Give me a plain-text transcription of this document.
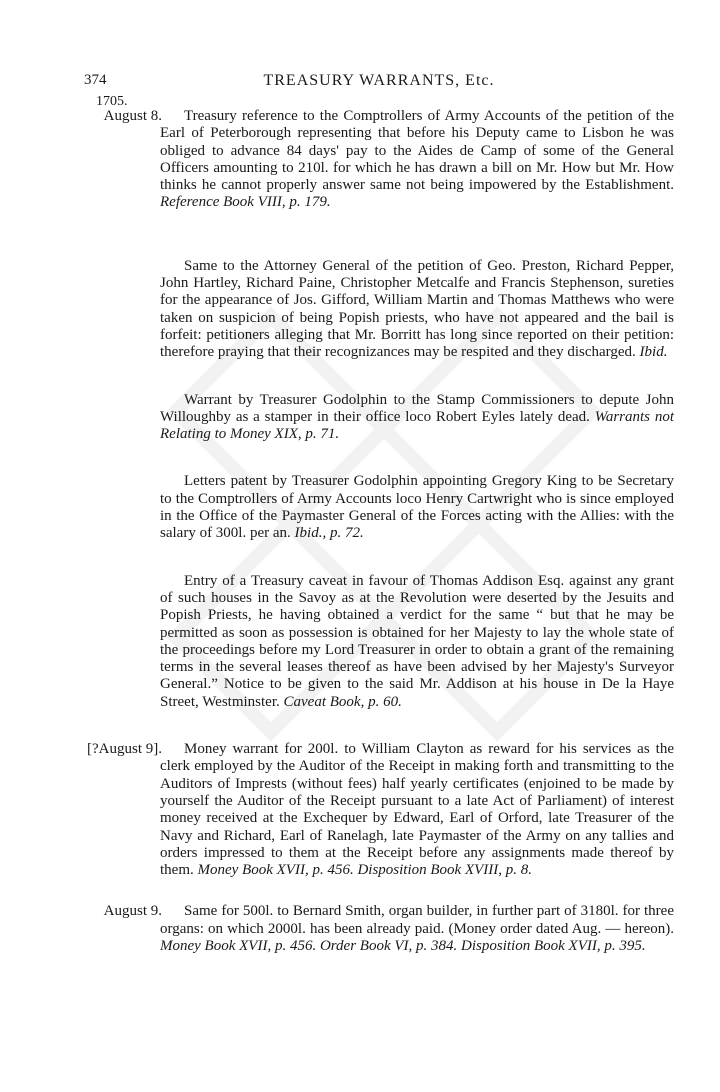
374	TREASURY WARRANTS, Etc.
1705.
August 8.	Treasury reference to the Comptrollers of Army Accounts of the petition of the Earl of Peterborough representing that before his Deputy came to Lisbon he was obliged to advance 84 days' pay to the Aides de Camp of some of the General Officers amounting to 210l. for which he has drawn a bill on Mr. How but Mr. How thinks he cannot properly answer same not being impowered by the Establishment. Reference Book VIII, p. 179.
Same to the Attorney General of the petition of Geo. Preston, Richard Pepper, John Hartley, Richard Paine, Christopher Metcalfe and Francis Stephenson, sureties for the appearance of Jos. Gifford, William Martin and Thomas Matthews who were taken on suspicion of being Popish priests, who have not appeared and the bail is forfeit: petitioners alleging that Mr. Borritt has long since reported on their petition: therefore praying that their recognizances may be respited and they discharged. Ibid.
Warrant by Treasurer Godolphin to the Stamp Commissioners to depute John Willoughby as a stamper in their office loco Robert Eyles lately dead. Warrants not Relating to Money XIX, p. 71.
Letters patent by Treasurer Godolphin appointing Gregory King to be Secretary to the Comptrollers of Army Accounts loco Henry Cartwright who is since employed in the Office of the Paymaster General of the Forces acting with the Allies: with the salary of 300l. per an. Ibid., p. 72.
Entry of a Treasury caveat in favour of Thomas Addison Esq. against any grant of such houses in the Savoy as at the Revolution were deserted by the Jesuits and Popish Priests, he having obtained a verdict for the same “ but that he may be permitted as soon as possession is obtained for her Majesty to lay the whole state of the proceedings before my Lord Treasurer in order to obtain a grant of the remaining terms in the several leases thereof as have been advised by her Majesty's Surveyor General.” Notice to be given to the said Mr. Addison at his house in De la Haye Street, Westminster. Caveat Book, p. 60.
[?August 9].	Money warrant for 200l. to William Clayton as reward for his services as the clerk employed by the Auditor of the Receipt in making forth and transmitting to the Auditors of Imprests (without fees) half yearly certificates (enjoined to be made by yourself the Auditor of the Receipt pursuant to a late Act of Parliament) of interest money received at the Exchequer by Edward, Earl of Orford, late Treasurer of the Navy and Richard, Earl of Ranelagh, late Paymaster of the Army on any tallies and orders impressed to them at the Receipt before any assignments made thereof by them. Money Book XVII, p. 456. Disposition Book XVIII, p. 8.
August 9.	Same for 500l. to Bernard Smith, organ builder, in further part of 3180l. for three organs: on which 2000l. has been already paid. (Money order dated Aug. — hereon). Money Book XVII, p. 456. Order Book VI, p. 384. Disposition Book XVII, p. 395.
